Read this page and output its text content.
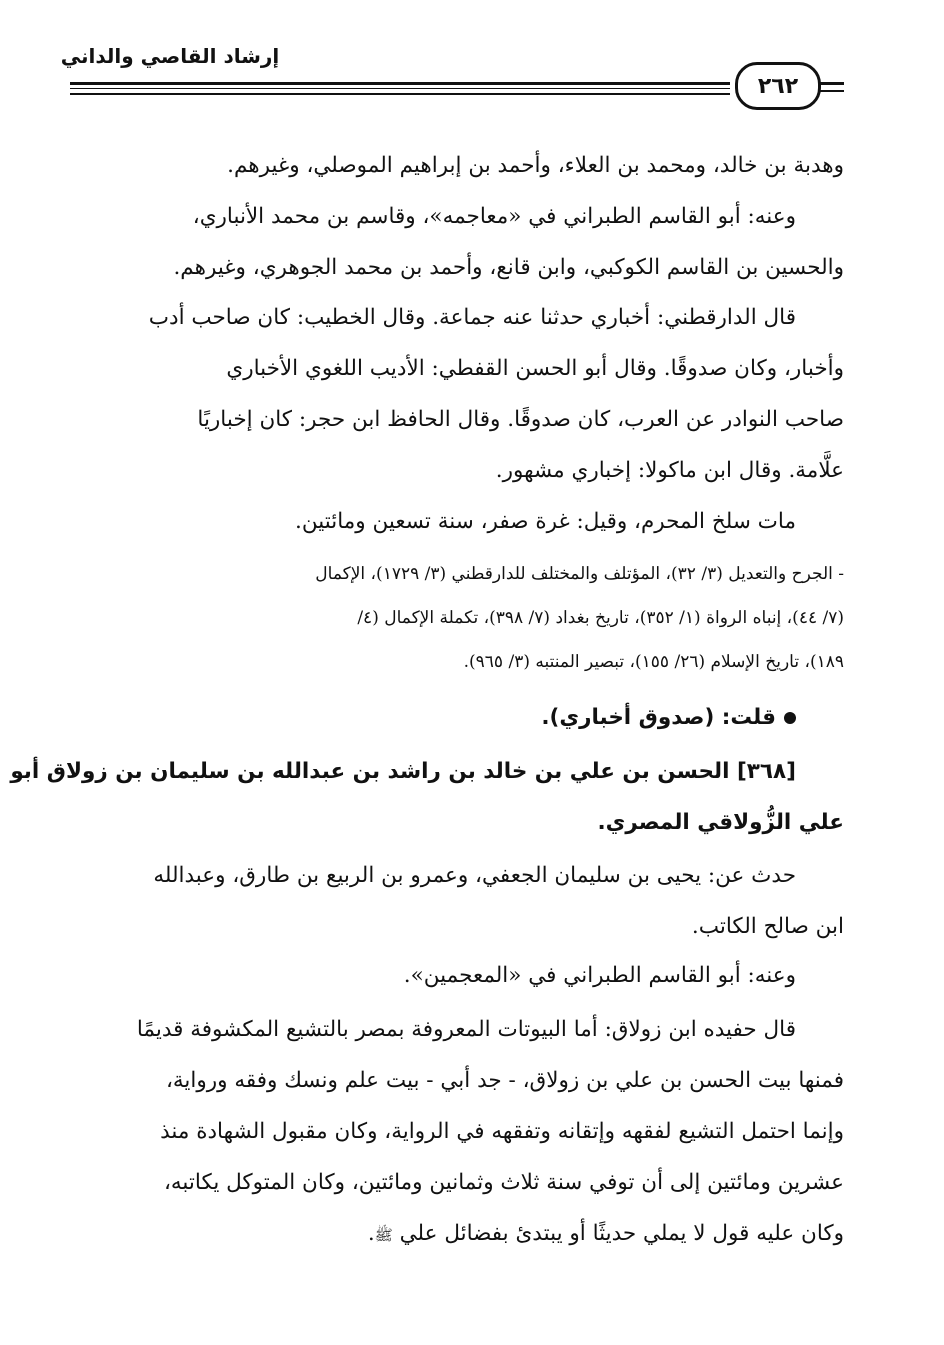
إرشاد القاصي والداني
٢٦٢
وهدبة بن خالد، ومحمد بن العلاء، وأحمد بن إبراهيم الموصلي، وغيرهم.
وعنه: أبو القاسم الطبراني في «معاجمه»، وقاسم بن محمد الأنباري،
والحسين بن القاسم الكوكبي، وابن قانع، وأحمد بن محمد الجوهري، وغيرهم.
قال الدارقطني: أخباري حدثنا عنه جماعة. وقال الخطيب: كان صاحب أدب
وأخبار، وكان صدوقًا. وقال أبو الحسن القفطي: الأديب اللغوي الأخباري
صاحب النوادر عن العرب، كان صدوقًا. وقال الحافظ ابن حجر: كان إخباريًا
علَّامة. وقال ابن ماكولا: إخباري مشهور.
مات سلخ المحرم، وقيل: غرة صفر، سنة تسعين ومائتين.
- الجرح والتعديل (٣/ ٣٢)، المؤتلف والمختلف للدارقطني (٣/ ١٧٢٩)، الإكمال
(٧/ ٤٤)، إنباه الرواة (١/ ٣٥٢)، تاريخ بغداد (٧/ ٣٩٨)، تكملة الإكمال (٤/
١٨٩)، تاريخ الإسلام (٢٦/ ١٥٥)، تبصير المنتبه (٣/ ٩٦٥).
قلت: (صدوق أخباري).
[٣٦٨] الحسن بن علي بن خالد بن راشد بن عبدالله بن سليمان بن زولاق أبو
علي الزُّولاقي المصري.
حدث عن: يحيى بن سليمان الجعفي، وعمرو بن الربيع بن طارق، وعبدالله
ابن صالح الكاتب.
وعنه: أبو القاسم الطبراني في «المعجمين».
قال حفيده ابن زولاق: أما البيوتات المعروفة بمصر بالتشيع المكشوفة قديمًا
فمنها بيت الحسن بن علي بن زولاق، - جد أبي - بيت علم ونسك وفقه ورواية،
وإنما احتمل التشيع لفقهه وإتقانه وتفقهه في الرواية، وكان مقبول الشهادة منذ
عشرين ومائتين إلى أن توفي سنة ثلاث وثمانين ومائتين، وكان المتوكل يكاتبه،
وكان عليه قول لا يملي حديثًا أو يبتدئ بفضائل علي ﷺ.
